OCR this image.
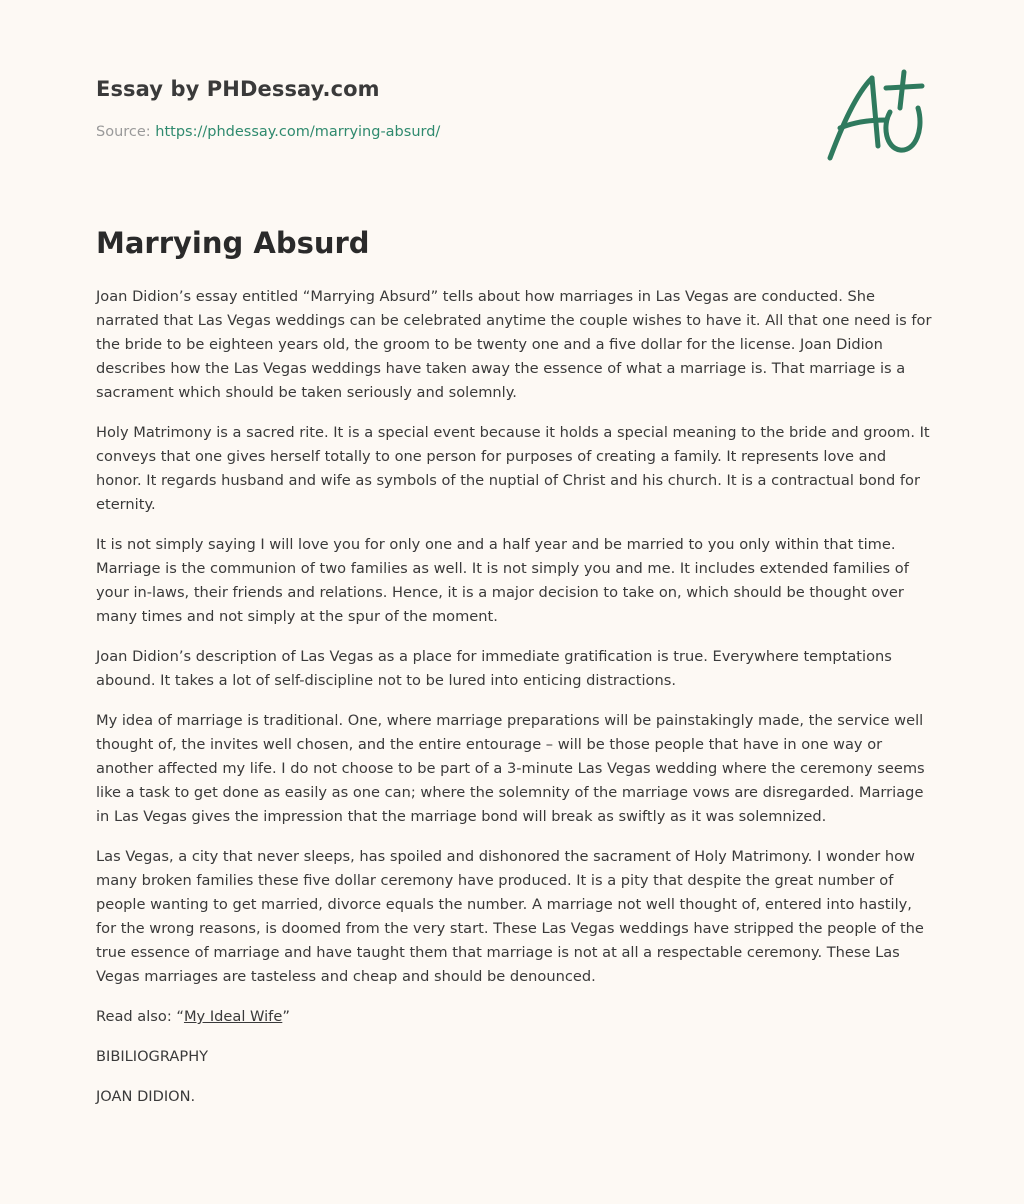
Essay by PHDessay.com
Source: https://phdessay.com/marrying-absurd/
Marrying Absurd

Joan Didion’s essay entitled “Marrying Absurd” tells about how marriages in Las Vegas are conducted. She narrated that Las Vegas weddings can be celebrated anytime the couple wishes to have it. All that one need is for the bride to be eighteen years old, the groom to be twenty one and a five dollar for the license. Joan Didion describes how the Las Vegas weddings have taken away the essence of what a marriage is. That marriage is a sacrament which should be taken seriously and solemnly.

Holy Matrimony is a sacred rite. It is a special event because it holds a special meaning to the bride and groom. It conveys that one gives herself totally to one person for purposes of creating a family. It represents love and honor. It regards husband and wife as symbols of the nuptial of Christ and his church. It is a contractual bond for eternity.

It is not simply saying I will love you for only one and a half year and be married to you only within that time. Marriage is the communion of two families as well. It is not simply you and me. It includes extended families of your in-laws, their friends and relations. Hence, it is a major decision to take on, which should be thought over many times and not simply at the spur of the moment.

Joan Didion’s description of Las Vegas as a place for immediate gratification is true. Everywhere temptations abound. It takes a lot of self-discipline not to be lured into enticing distractions.

My idea of marriage is traditional. One, where marriage preparations will be painstakingly made, the service well thought of, the invites well chosen, and the entire entourage – will be those people that have in one way or another affected my life. I do not choose to be part of a 3-minute Las Vegas wedding where the ceremony seems like a task to get done as easily as one can; where the solemnity of the marriage vows are disregarded. Marriage in Las Vegas gives the impression that the marriage bond will break as swiftly as it was solemnized.

Las Vegas, a city that never sleeps, has spoiled and dishonored the sacrament of Holy Matrimony. I wonder how many broken families these five dollar ceremony have produced. It is a pity that despite the great number of people wanting to get married, divorce equals the number. A marriage not well thought of, entered into hastily, for the wrong reasons, is doomed from the very start. These Las Vegas weddings have stripped the people of the true essence of marriage and have taught them that marriage is not at all a respectable ceremony. These Las Vegas marriages are tasteless and cheap and should be denounced.

Read also: “My Ideal Wife”

BIBILIOGRAPHY

JOAN DIDION.
